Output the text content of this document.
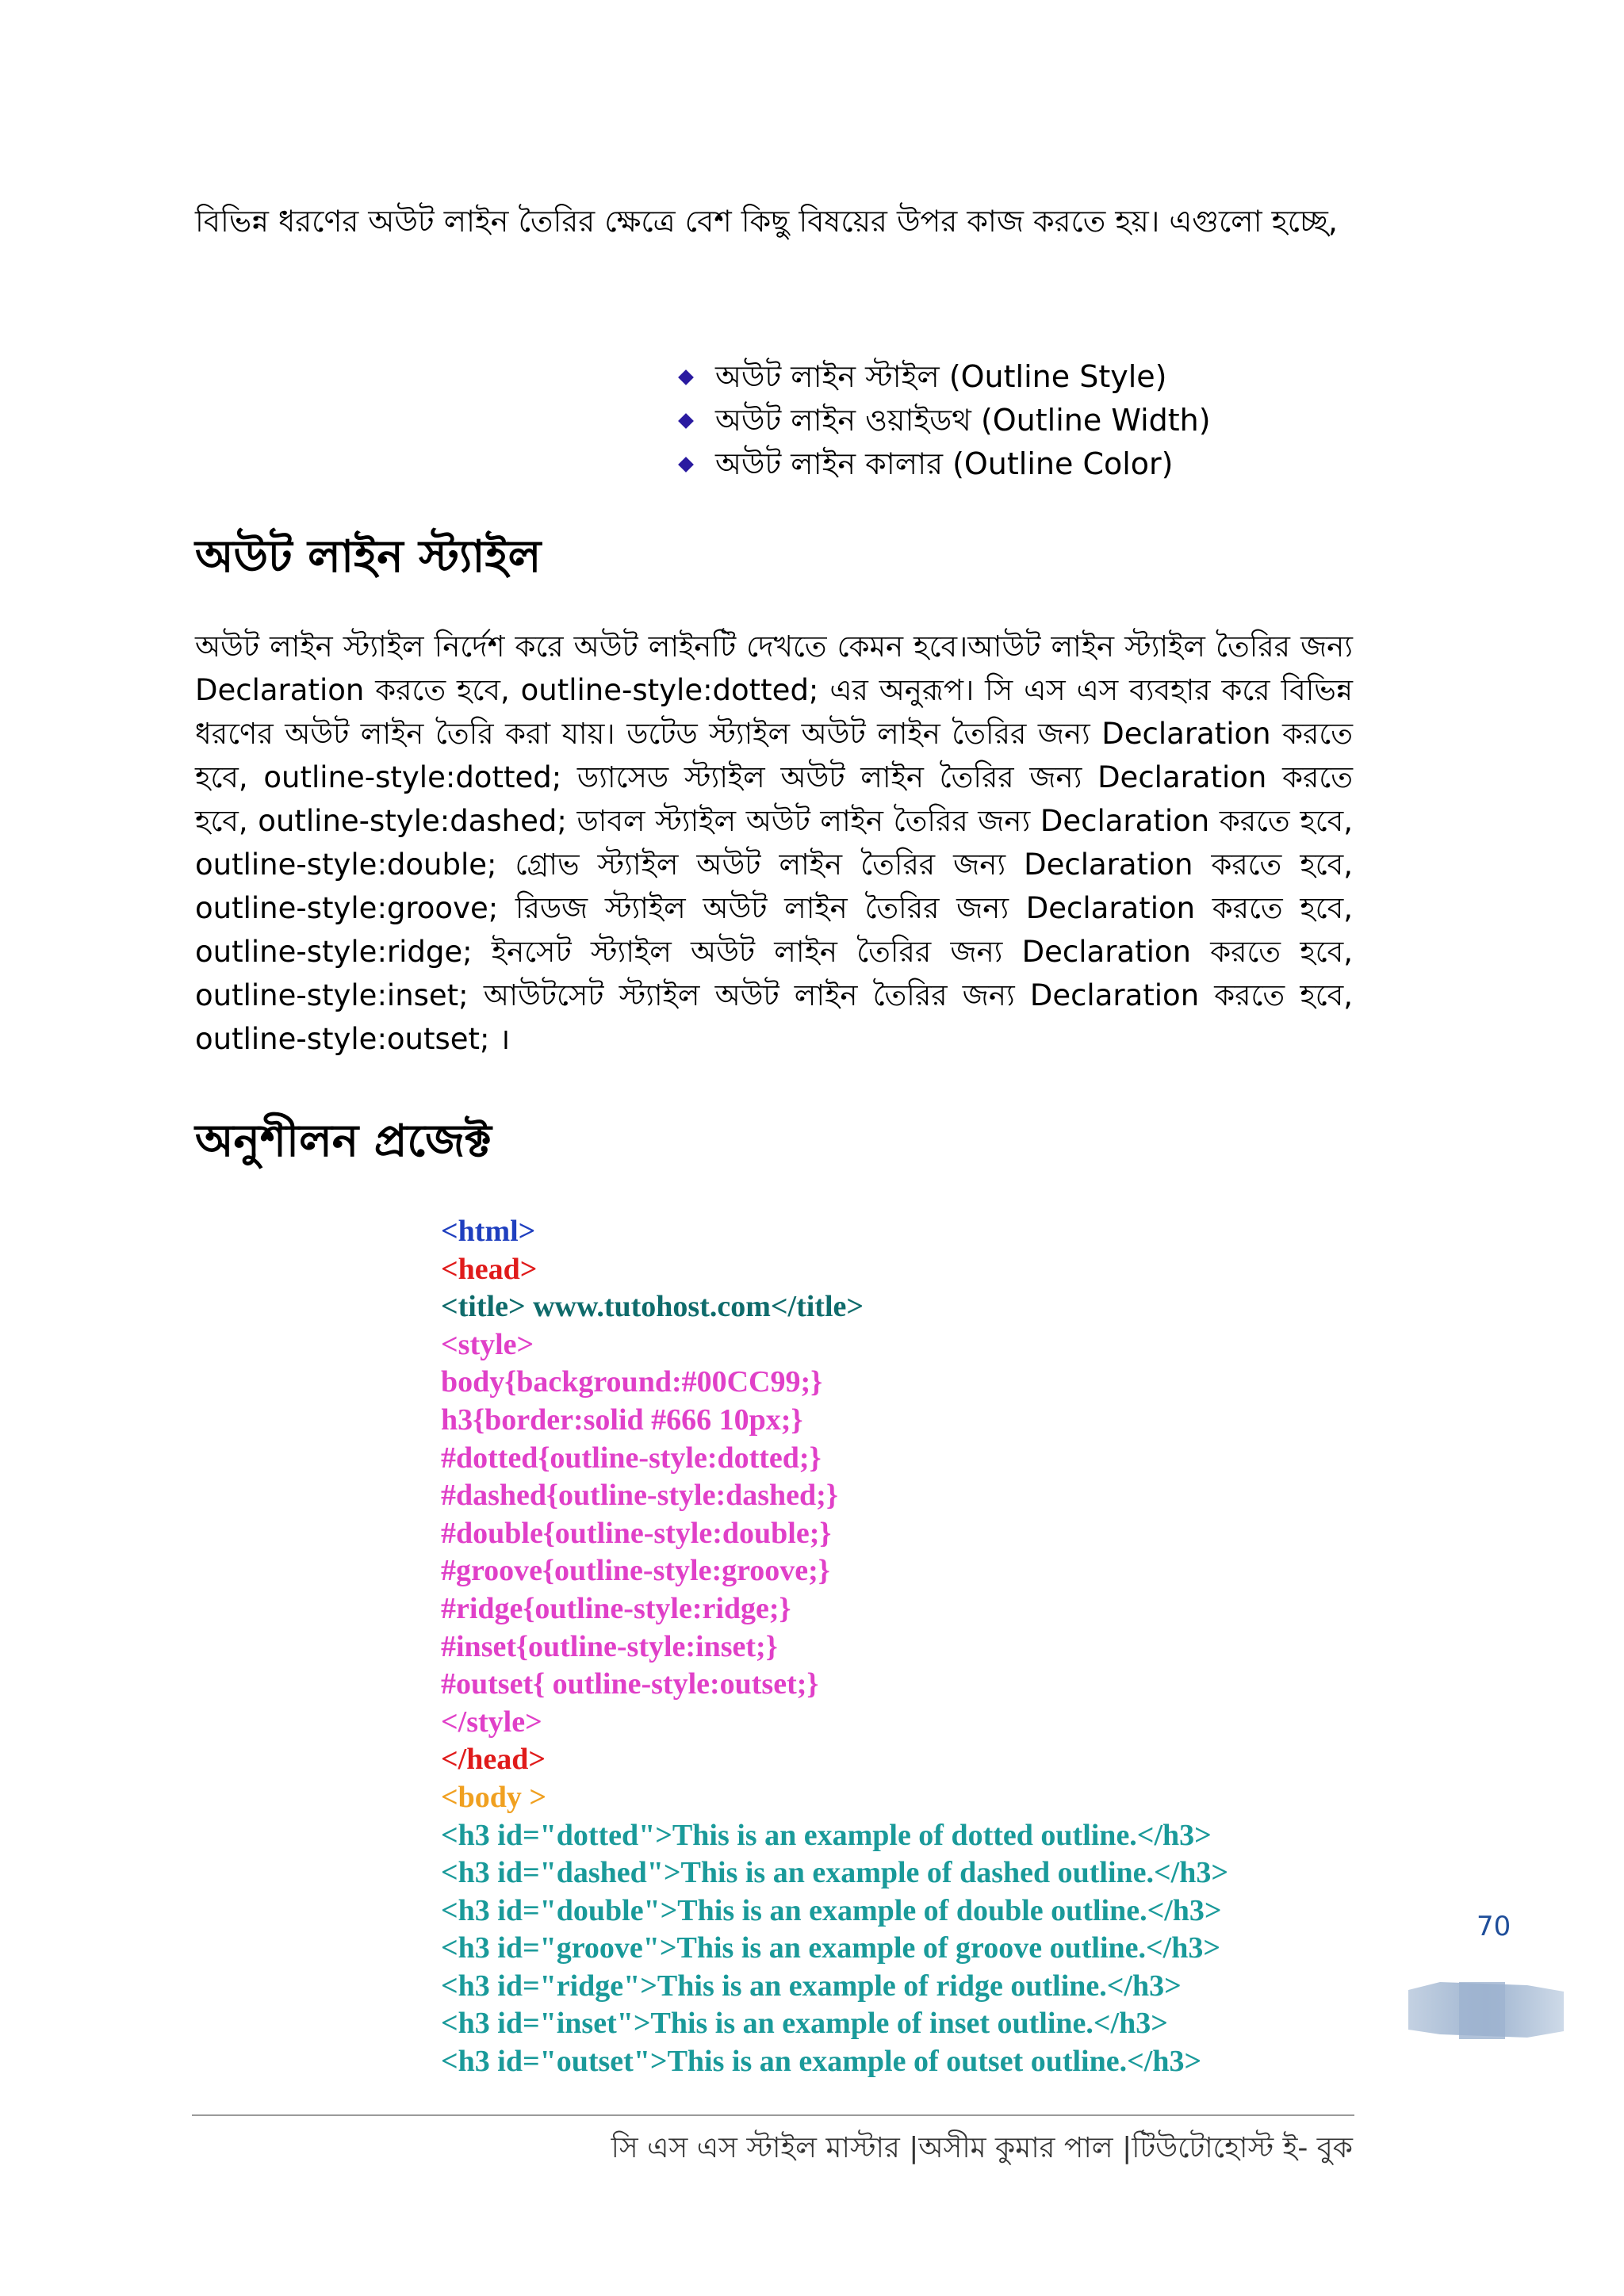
বিভিন্ন ধরণের অউট লাইন তৈরির ক্ষেত্রে বেশ কিছু বিষয়ের উপর কাজ করতে হয়। এগুলো হচ্ছে,
অউট লাইন স্টাইল (Outline Style)
অউট লাইন ওয়াইডথ (Outline Width)
অউট লাইন কালার (Outline Color)
অউট লাইন স্ট্যাইল
অউট লাইন স্ট্যাইল নির্দেশ করে অউট লাইনটি দেখতে কেমন হবে।আউট লাইন স্ট্যাইল তৈরির জন্য Declaration করতে হবে, outline-style:dotted; এর অনুরূপ। সি এস এস ব্যবহার করে বিভিন্ন ধরণের অউট লাইন তৈরি করা যায়। ডটেড স্ট্যাইল অউট লাইন তৈরির জন্য Declaration করতে হবে, outline-style:dotted; ড্যাসেড স্ট্যাইল অউট লাইন তৈরির জন্য Declaration করতে হবে, outline-style:dashed; ডাবল স্ট্যাইল অউট লাইন তৈরির জন্য Declaration করতে হবে, outline-style:double; গ্রোভ স্ট্যাইল অউট লাইন তৈরির জন্য Declaration করতে হবে, outline-style:groove; রিডজ স্ট্যাইল অউট লাইন তৈরির জন্য Declaration করতে হবে, outline-style:ridge; ইনসেট স্ট্যাইল অউট লাইন তৈরির জন্য Declaration করতে হবে, outline-style:inset; আউটসেট স্ট্যাইল অউট লাইন তৈরির জন্য Declaration করতে হবে, outline-style:outset; ।
অনুশীলন প্রজেক্ট
<html>
<head>
<title> www.tutohost.com</title>
<style>
body{background:#00CC99;}
h3{border:solid #666 10px;}
#dotted{outline-style:dotted;}
#dashed{outline-style:dashed;}
#double{outline-style:double;}
#groove{outline-style:groove;}
#ridge{outline-style:ridge;}
#inset{outline-style:inset;}
#outset{ outline-style:outset;}
</style>
</head>
<body >
<h3 id="dotted">This is an example of dotted outline.</h3>
<h3 id="dashed">This is an example of dashed outline.</h3>
<h3 id="double">This is an example of double outline.</h3>
<h3 id="groove">This is an example of groove outline.</h3>
<h3 id="ridge">This is an example of ridge outline.</h3>
<h3 id="inset">This is an example of inset outline.</h3>
<h3 id="outset">This is an example of outset outline.</h3>
70
সি এস এস স্টাইল মাস্টার |অসীম কুমার পাল |টিউটোহোস্ট ই- বুক
